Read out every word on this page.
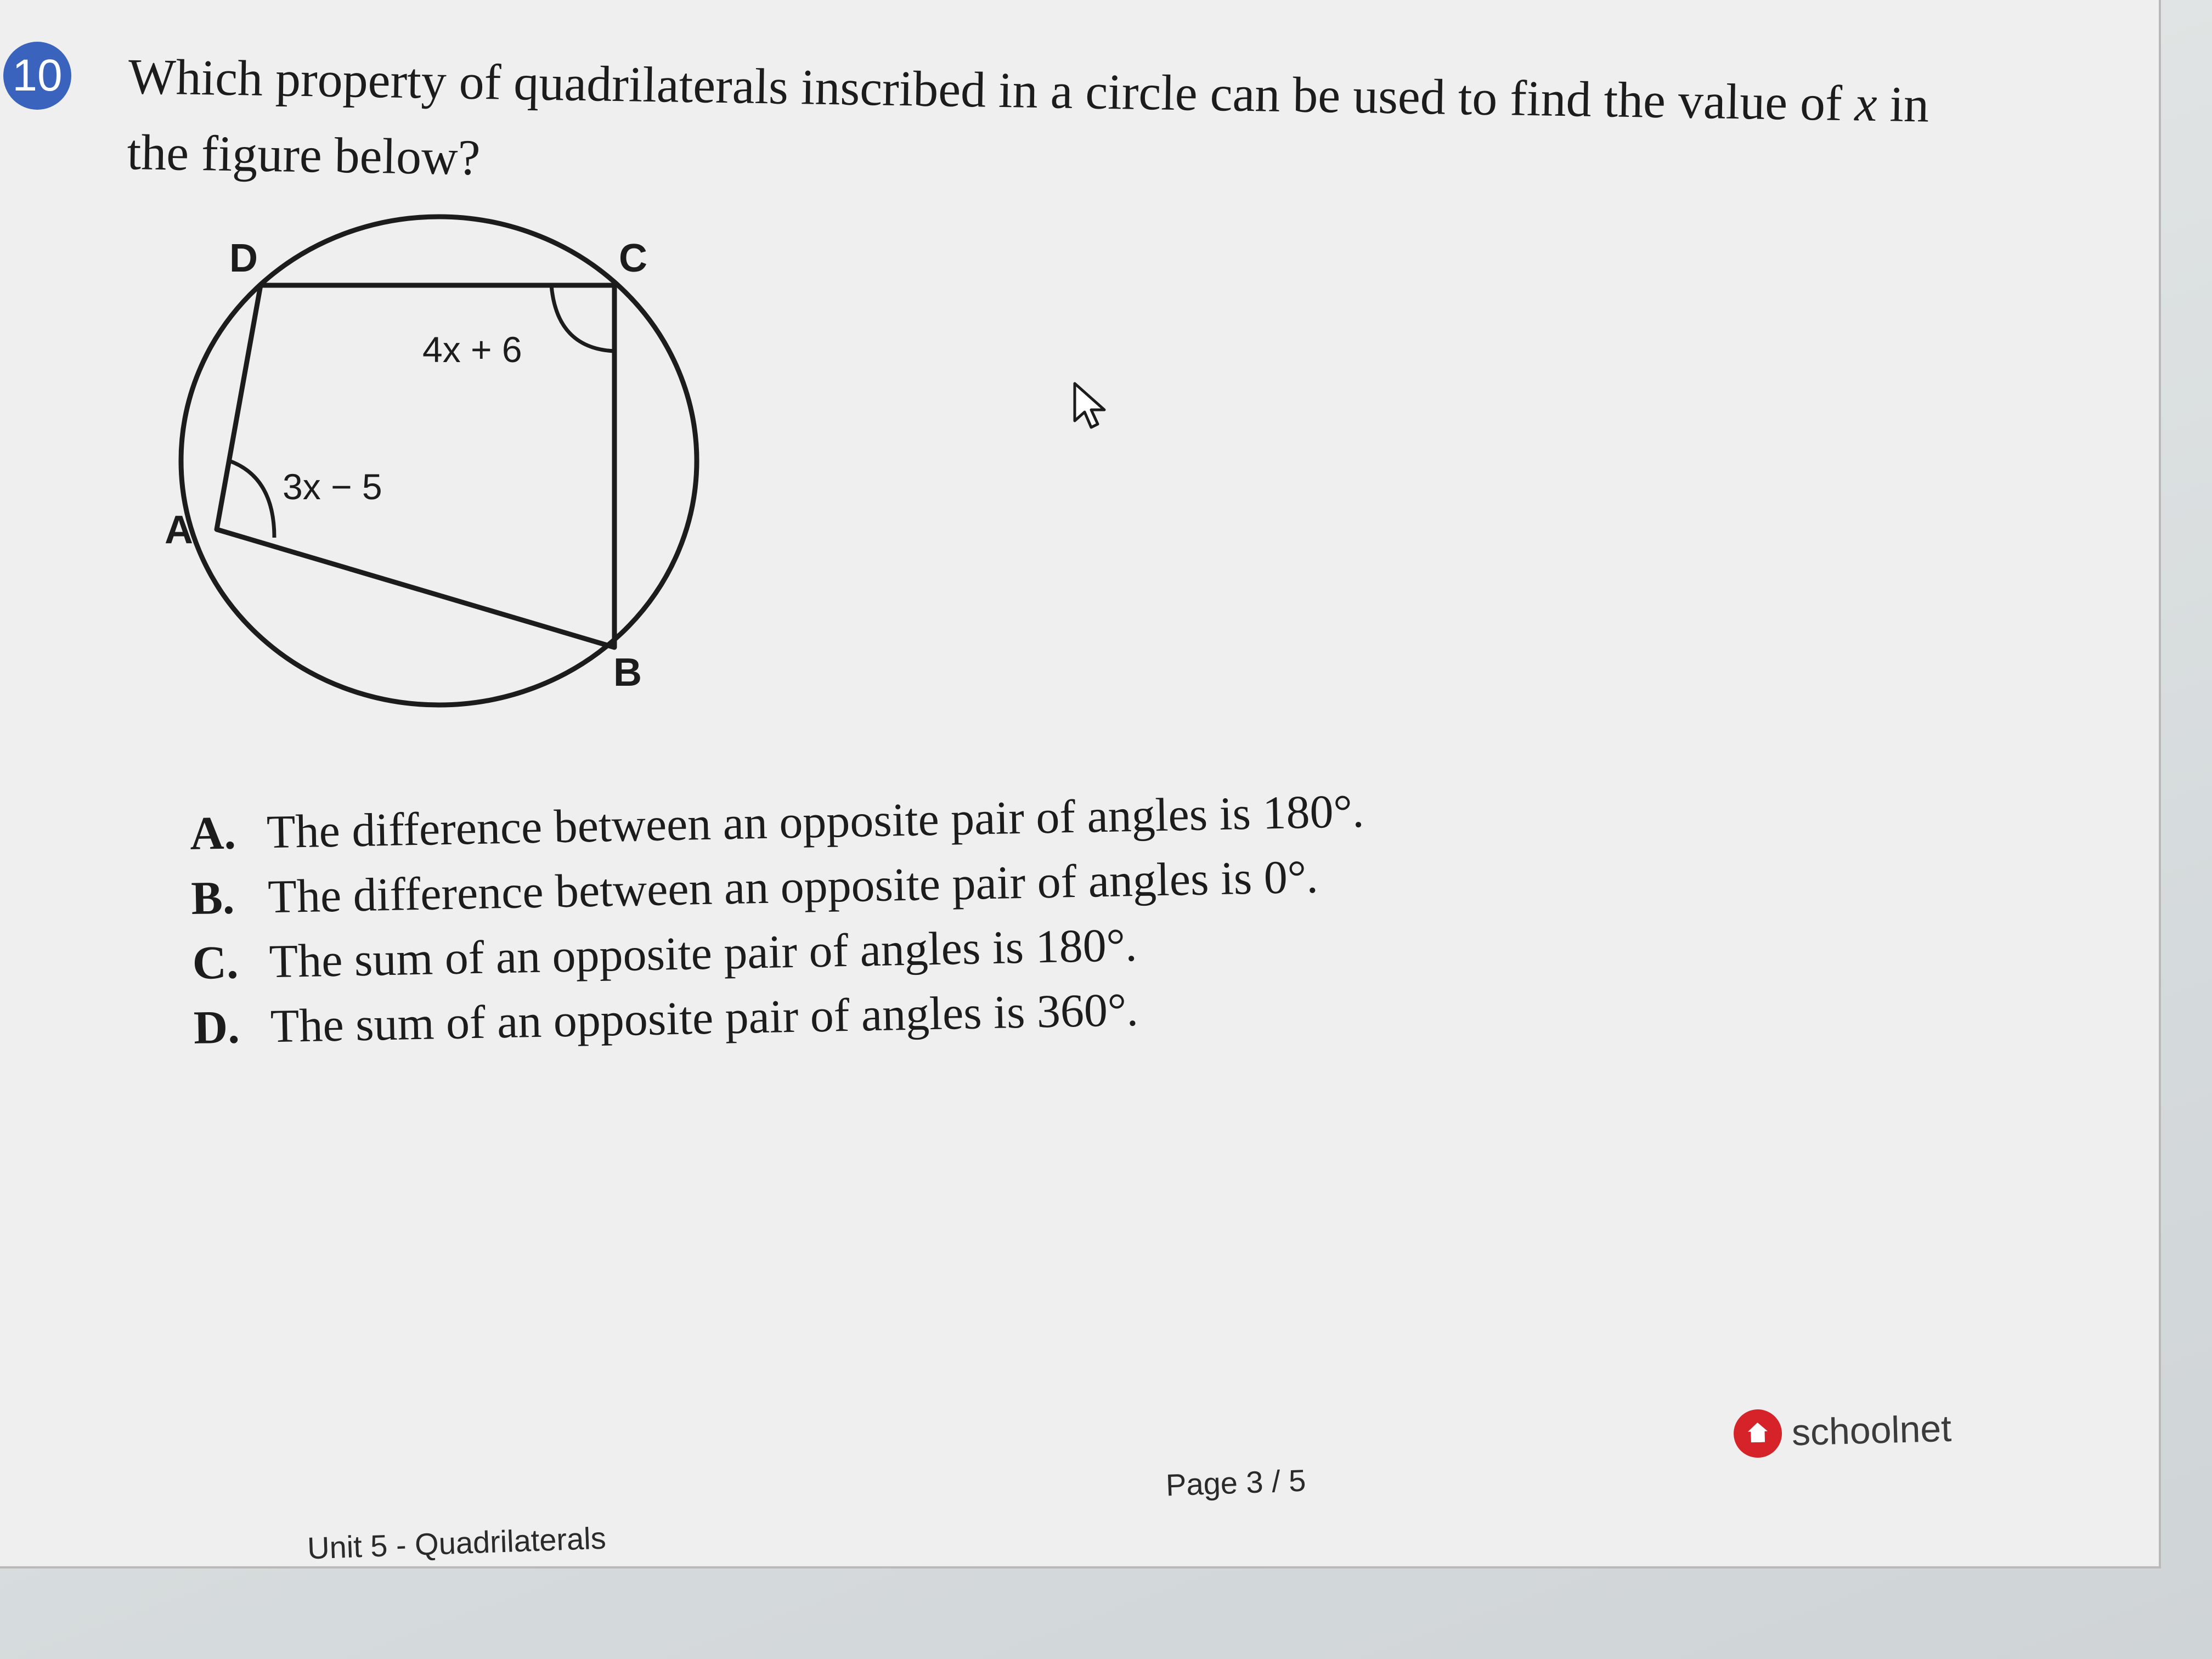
10 Which property of quadrilaterals inscribed in a circle can be used to find the value of x in the figure below?
D	C
A
B
4x + 6
3x − 5
A. The difference between an opposite pair of angles is 180°.
B. The difference between an opposite pair of angles is 0°.
C. The sum of an opposite pair of angles is 180°.
D. The sum of an opposite pair of angles is 360°.
schoolnet
Page 3 / 5
Unit 5 - Quadrilaterals
